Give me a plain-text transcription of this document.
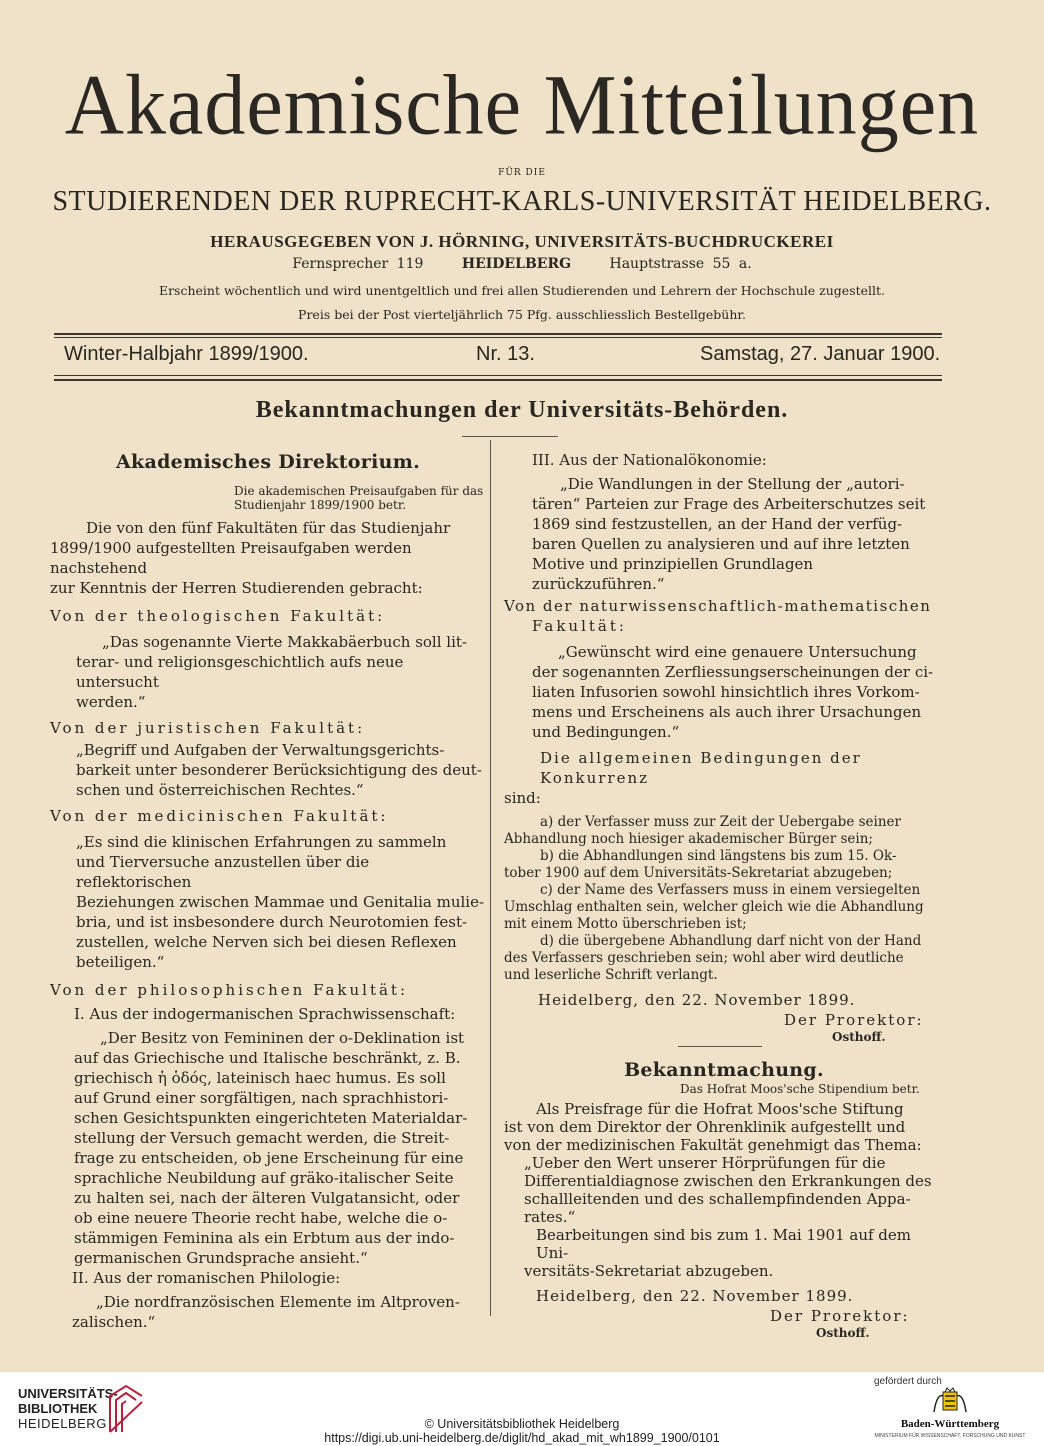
Akademische Mitteilungen

FÜR DIE

STUDIERENDEN DER RUPRECHT-KARLS-UNIVERSITÄT HEIDELBERG.

HERAUSGEGEBEN VON J. HÖRNING, UNIVERSITÄTS-BUCHDRUCKEREI

Fernsprecher 119	HEIDELBERG	Hauptstrasse 55 a.

Erscheint wöchentlich und wird unentgeltlich und frei allen Studierenden und Lehrern der Hochschule zugestellt.

Preis bei der Post vierteljährlich 75 Pfg. ausschliesslich Bestellgebühr.

Winter-Halbjahr 1899/1900.	Nr. 13.	Samstag, 27. Januar 1900.

Bekanntmachungen der Universitäts-Behörden.

Akademisches Direktorium.

Die akademischen Preisaufgaben für das

Studienjahr 1899/1900 betr.

Die von den fünf Fakultäten für das Studienjahr

1899/1900 aufgestellten Preisaufgaben werden nachstehend

zur Kenntnis der Herren Studierenden gebracht:

Von der theologischen Fakultät:

„Das sogenannte Vierte Makkabäerbuch soll lit-

terar- und religionsgeschichtlich aufs neue untersucht

werden.“

Von der juristischen Fakultät:

„Begriff und Aufgaben der Verwaltungsgerichts-

barkeit unter besonderer Berücksichtigung des deut-

schen und österreichischen Rechtes.“

Von der medicinischen Fakultät:

„Es sind die klinischen Erfahrungen zu sammeln

und Tierversuche anzustellen über die reflektorischen

Beziehungen zwischen Mammae und Genitalia mulie-

bria, und ist insbesondere durch Neurotomien fest-

zustellen, welche Nerven sich bei diesen Reflexen

beteiligen.“

Von der philosophischen Fakultät:

I. Aus der indogermanischen Sprachwissenschaft:

„Der Besitz von Femininen der o-Deklination ist

auf das Griechische und Italische beschränkt, z. B.

griechisch ἡ ὁδός, lateinisch haec humus. Es soll

auf Grund einer sorgfältigen, nach sprachhistori-

schen Gesichtspunkten eingerichteten Materialdar-

stellung der Versuch gemacht werden, die Streit-

frage zu entscheiden, ob jene Erscheinung für eine

sprachliche Neubildung auf gräko-italischer Seite

zu halten sei, nach der älteren Vulgatansicht, oder

ob eine neuere Theorie recht habe, welche die o-

stämmigen Feminina als ein Erbtum aus der indo-

germanischen Grundsprache ansieht.“

II. Aus der romanischen Philologie:

„Die nordfranzösischen Elemente im Altproven-

zalischen.“

III. Aus der Nationalökonomie:

„Die Wandlungen in der Stellung der „autori-

tären“ Parteien zur Frage des Arbeiterschutzes seit

1869 sind festzustellen, an der Hand der verfüg-

baren Quellen zu analysieren und auf ihre letzten

Motive und prinzipiellen Grundlagen zurückzuführen.“

Von der naturwissenschaftlich-mathematischen

Fakultät:

„Gewünscht wird eine genauere Untersuchung

der sogenannten Zerfliessungserscheinungen der ci-

liaten Infusorien sowohl hinsichtlich ihres Vorkom-

mens und Erscheinens als auch ihrer Ursachungen

und Bedingungen.“

Die allgemeinen Bedingungen der Konkurrenz

sind:

a) der Verfasser muss zur Zeit der Uebergabe seiner

Abhandlung noch hiesiger akademischer Bürger sein;

b) die Abhandlungen sind längstens bis zum 15. Ok-

tober 1900 auf dem Universitäts-Sekretariat abzugeben;

c) der Name des Verfassers muss in einem versiegelten

Umschlag enthalten sein, welcher gleich wie die Abhandlung

mit einem Motto überschrieben ist;

d) die übergebene Abhandlung darf nicht von der Hand

des Verfassers geschrieben sein; wohl aber wird deutliche

und leserliche Schrift verlangt.

Heidelberg, den 22. November 1899.

Der Prorektor:

Osthoff.

Bekanntmachung.

Das Hofrat Moos'sche Stipendium betr.

Als Preisfrage für die Hofrat Moos'sche Stiftung

ist von dem Direktor der Ohrenklinik aufgestellt und

von der medizinischen Fakultät genehmigt das Thema:

„Ueber den Wert unserer Hörprüfungen für die

Differentialdiagnose zwischen den Erkrankungen des

schallleitenden und des schallempfindenden Appa-

rates.“

Bearbeitungen sind bis zum 1. Mai 1901 auf dem Uni-

versitäts-Sekretariat abzugeben.

Heidelberg, den 22. November 1899.

Der Prorektor:

Osthoff.

UNIVERSITÄTS-
BIBLIOTHEK
HEIDELBERG	© Universitätsbibliothek Heidelberg
https://digi.ub.uni-heidelberg.de/diglit/hd_akad_mit_wh1899_1900/0101
gefördert durch
Baden-Württemberg
MINISTERIUM FÜR WISSENSCHAFT, FORSCHUNG UND KUNST
